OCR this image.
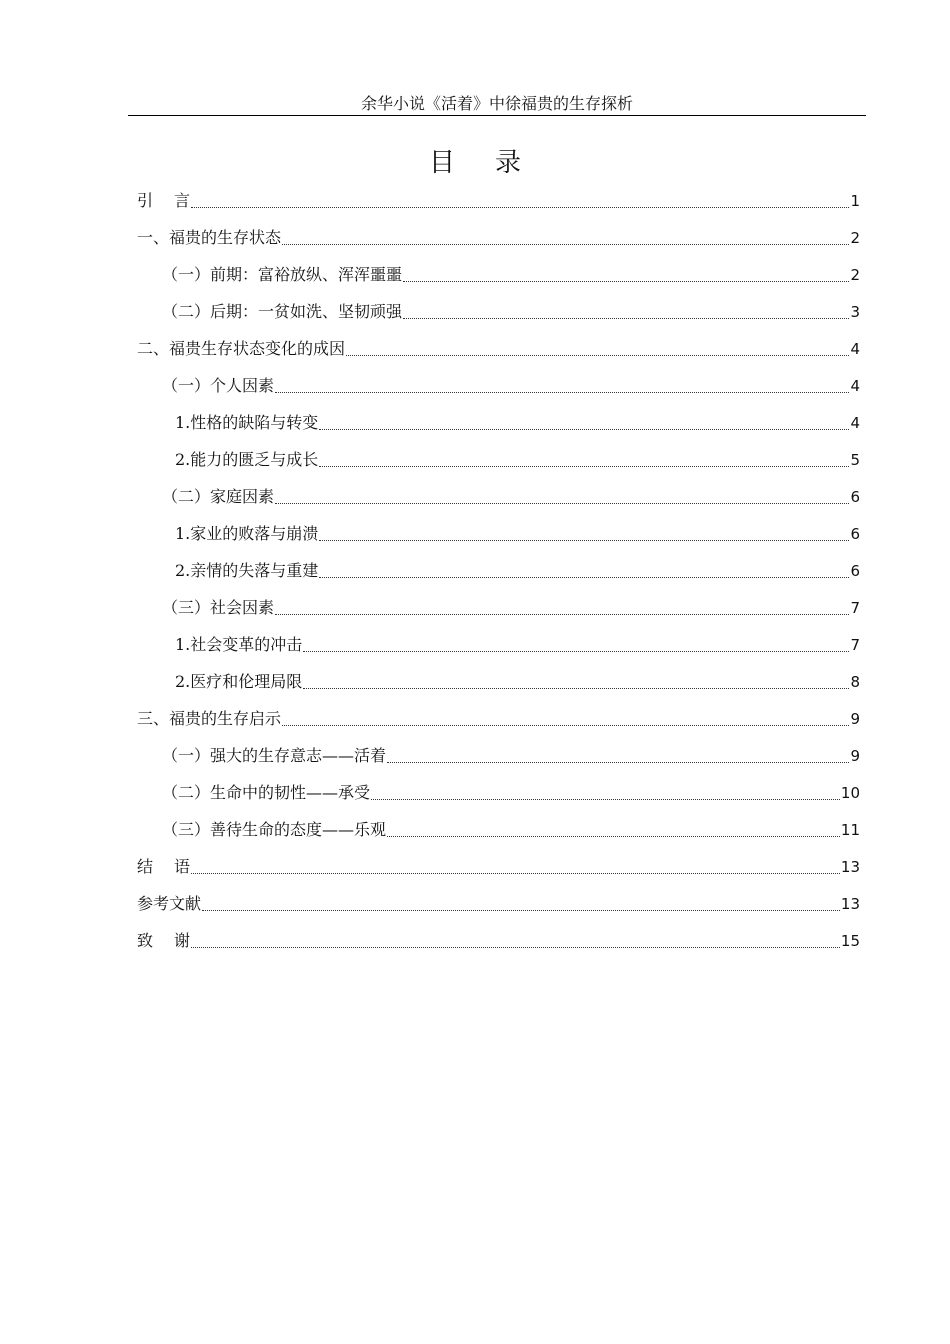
余华小说《活着》中徐福贵的生存探析
目 录
引言	1
一、福贵的生存状态	2
（一）前期：富裕放纵、浑浑噩噩	2
（二）后期：一贫如洗、坚韧顽强	3
二、福贵生存状态变化的成因	4
（一）个人因素	4
1.性格的缺陷与转变	4
2.能力的匮乏与成长	5
（二）家庭因素	6
1.家业的败落与崩溃	6
2.亲情的失落与重建	6
（三）社会因素	7
1.社会变革的冲击	7
2.医疗和伦理局限	8
三、福贵的生存启示	9
（一）强大的生存意志——活着	9
（二）生命中的韧性——承受	10
（三）善待生命的态度——乐观	11
结语	13
参考文献	13
致谢	15
